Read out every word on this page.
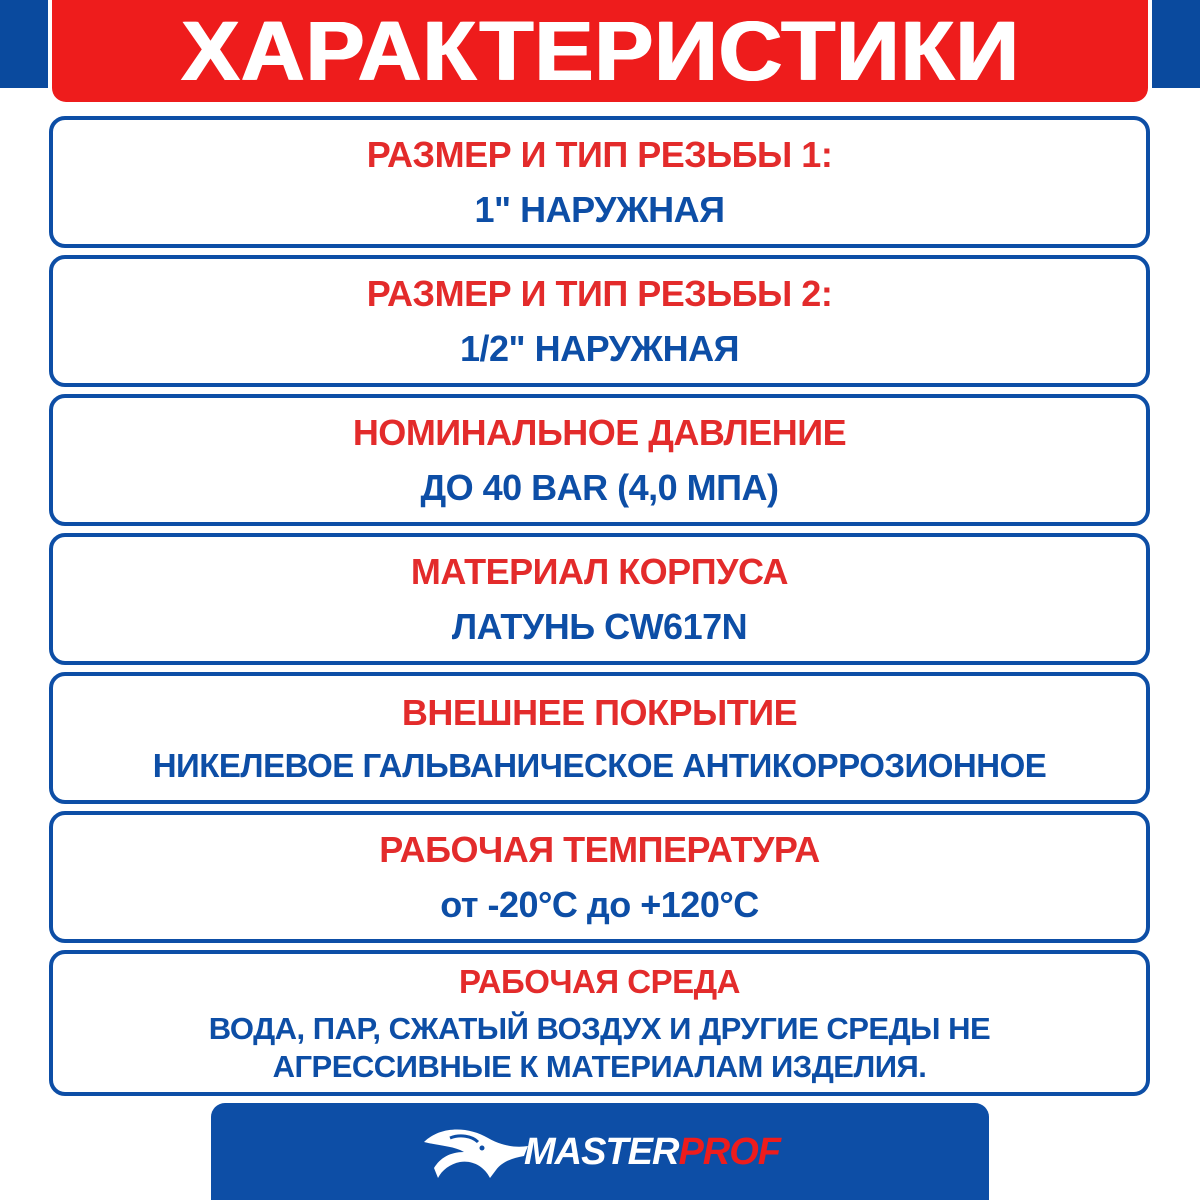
ХАРАКТЕРИСТИКИ
РАЗМЕР И ТИП РЕЗЬБЫ 1:
1" НАРУЖНАЯ
РАЗМЕР И ТИП РЕЗЬБЫ 2:
1/2" НАРУЖНАЯ
НОМИНАЛЬНОЕ ДАВЛЕНИЕ
ДО 40 BAR (4,0 МПА)
МАТЕРИАЛ КОРПУСА
ЛАТУНЬ CW617N
ВНЕШНЕЕ ПОКРЫТИЕ
НИКЕЛЕВОЕ ГАЛЬВАНИЧЕСКОЕ АНТИКОРРОЗИОННОЕ
РАБОЧАЯ ТЕМПЕРАТУРА
от -20°С до +120°С
РАБОЧАЯ СРЕДА
ВОДА, ПАР, СЖАТЫЙ ВОЗДУХ И ДРУГИЕ СРЕДЫ НЕ
АГРЕССИВНЫЕ К МАТЕРИАЛАМ ИЗДЕЛИЯ.
MASTER PROF
